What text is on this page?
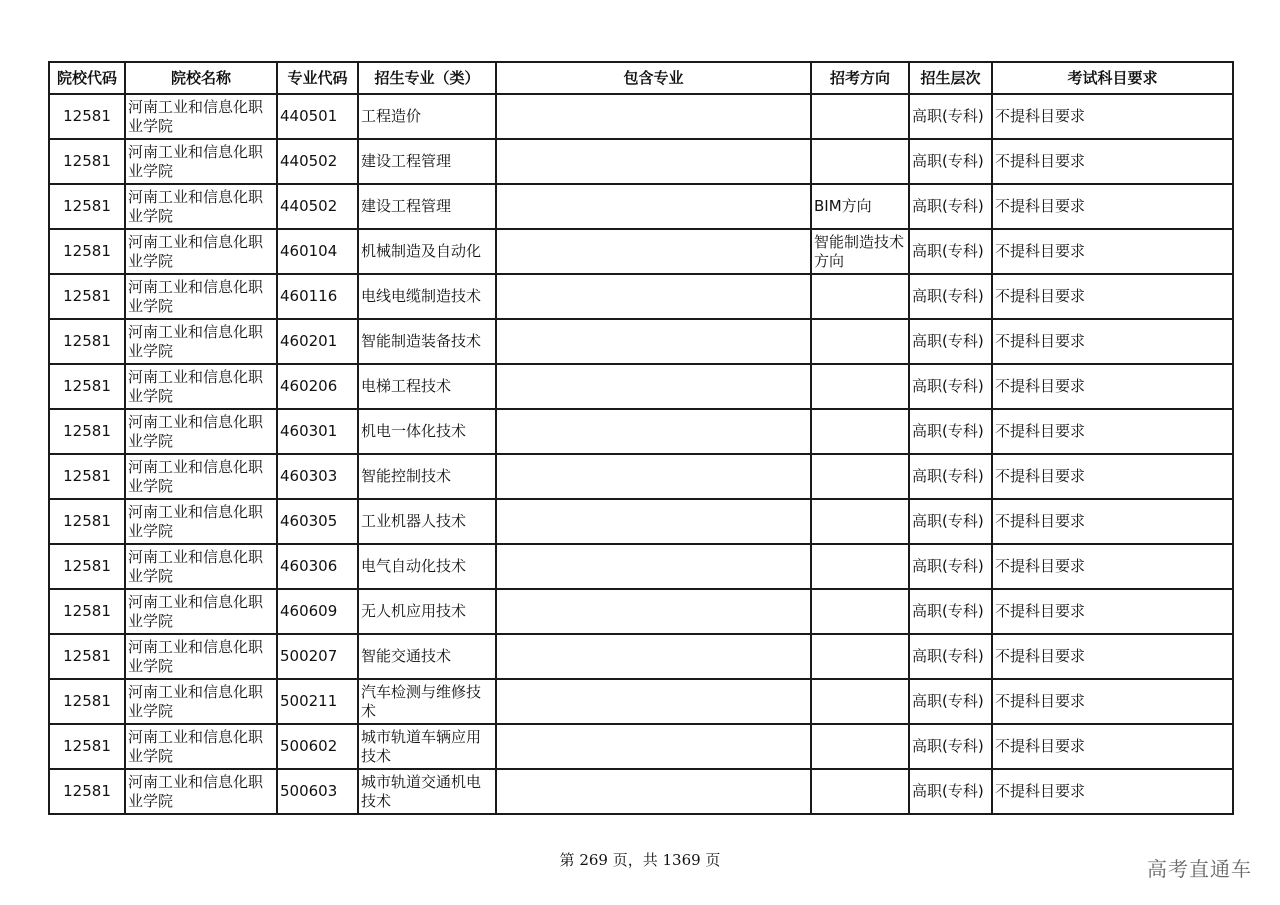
院校代码	院校名称	专业代码	招生专业（类）	包含专业	招考方向	招生层次	考试科目要求
12581	河南工业和信息化职业学院	440501	工程造价			高职(专科)	不提科目要求
12581	河南工业和信息化职业学院	440502	建设工程管理			高职(专科)	不提科目要求
12581	河南工业和信息化职业学院	440502	建设工程管理		BIM方向	高职(专科)	不提科目要求
12581	河南工业和信息化职业学院	460104	机械制造及自动化		智能制造技术方向	高职(专科)	不提科目要求
12581	河南工业和信息化职业学院	460116	电线电缆制造技术			高职(专科)	不提科目要求
12581	河南工业和信息化职业学院	460201	智能制造装备技术			高职(专科)	不提科目要求
12581	河南工业和信息化职业学院	460206	电梯工程技术			高职(专科)	不提科目要求
12581	河南工业和信息化职业学院	460301	机电一体化技术			高职(专科)	不提科目要求
12581	河南工业和信息化职业学院	460303	智能控制技术			高职(专科)	不提科目要求
12581	河南工业和信息化职业学院	460305	工业机器人技术			高职(专科)	不提科目要求
12581	河南工业和信息化职业学院	460306	电气自动化技术			高职(专科)	不提科目要求
12581	河南工业和信息化职业学院	460609	无人机应用技术			高职(专科)	不提科目要求
12581	河南工业和信息化职业学院	500207	智能交通技术			高职(专科)	不提科目要求
12581	河南工业和信息化职业学院	500211	汽车检测与维修技术			高职(专科)	不提科目要求
12581	河南工业和信息化职业学院	500602	城市轨道车辆应用技术			高职(专科)	不提科目要求
12581	河南工业和信息化职业学院	500603	城市轨道交通机电技术			高职(专科)	不提科目要求
第 269 页，共 1369 页	高考直通车
